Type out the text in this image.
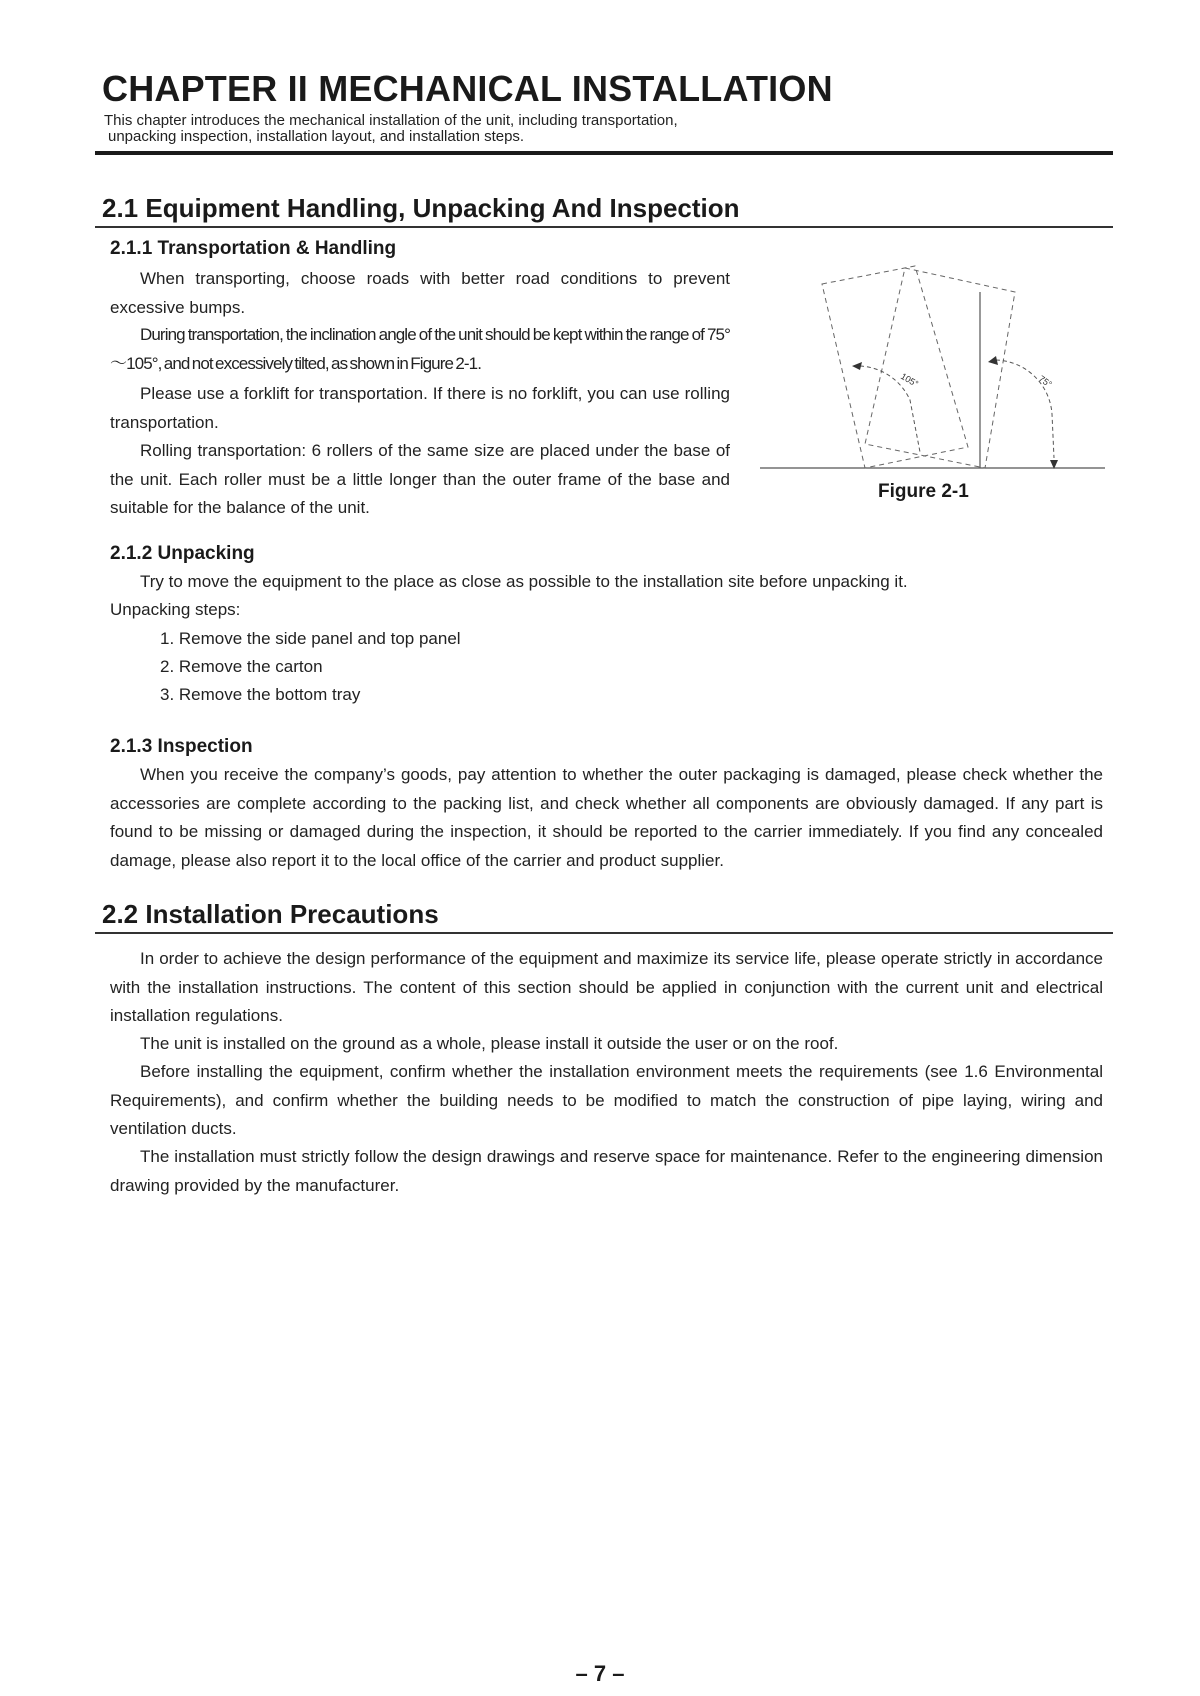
CHAPTER II MECHANICAL INSTALLATION
This chapter introduces the mechanical installation of the unit, including transportation,
unpacking inspection, installation layout, and installation steps.
2.1 Equipment Handling, Unpacking And Inspection
2.1.1 Transportation & Handling

When transporting, choose roads with better road conditions to prevent excessive bumps.

During transportation, the inclination angle of the unit should be kept within the range of 75°～105°, and not excessively tilted, as shown in Figure 2-1.

Please use a forklift for transportation. If there is no forklift, you can use rolling transportation.

Rolling transportation: 6 rollers of the same size are placed under the base of the unit. Each roller must be a little longer than the outer frame of the base and suitable for the balance of the unit.

105°	75°
Figure 2-1
2.1.2 Unpacking

Try to move the equipment to the place as close as possible to the installation site before unpacking it.

Unpacking steps:

1. Remove the side panel and top panel
2. Remove the carton
3. Remove the bottom tray
2.1.3 Inspection

When you receive the company’s goods, pay attention to whether the outer packaging is damaged, please check whether the accessories are complete according to the packing list, and check whether all components are obviously damaged. If any part is found to be missing or damaged during the inspection, it should be reported to the carrier immediately. If you find any concealed damage, please also report it to the local office of the carrier and product supplier.

2.2 Installation Precautions

In order to achieve the design performance of the equipment and maximize its service life, please operate strictly in accordance with the installation instructions. The content of this section should be applied in conjunction with the current unit and electrical installation regulations.

The unit is installed on the ground as a whole, please install it outside the user or on the roof.

Before installing the equipment, confirm whether the installation environment meets the requirements (see 1.6 Environmental Requirements), and confirm whether the building needs to be modified to match the construction of pipe laying, wiring and ventilation ducts.

The installation must strictly follow the design drawings and reserve space for maintenance. Refer to the engineering dimension drawing provided by the manufacturer.

– 7 –
